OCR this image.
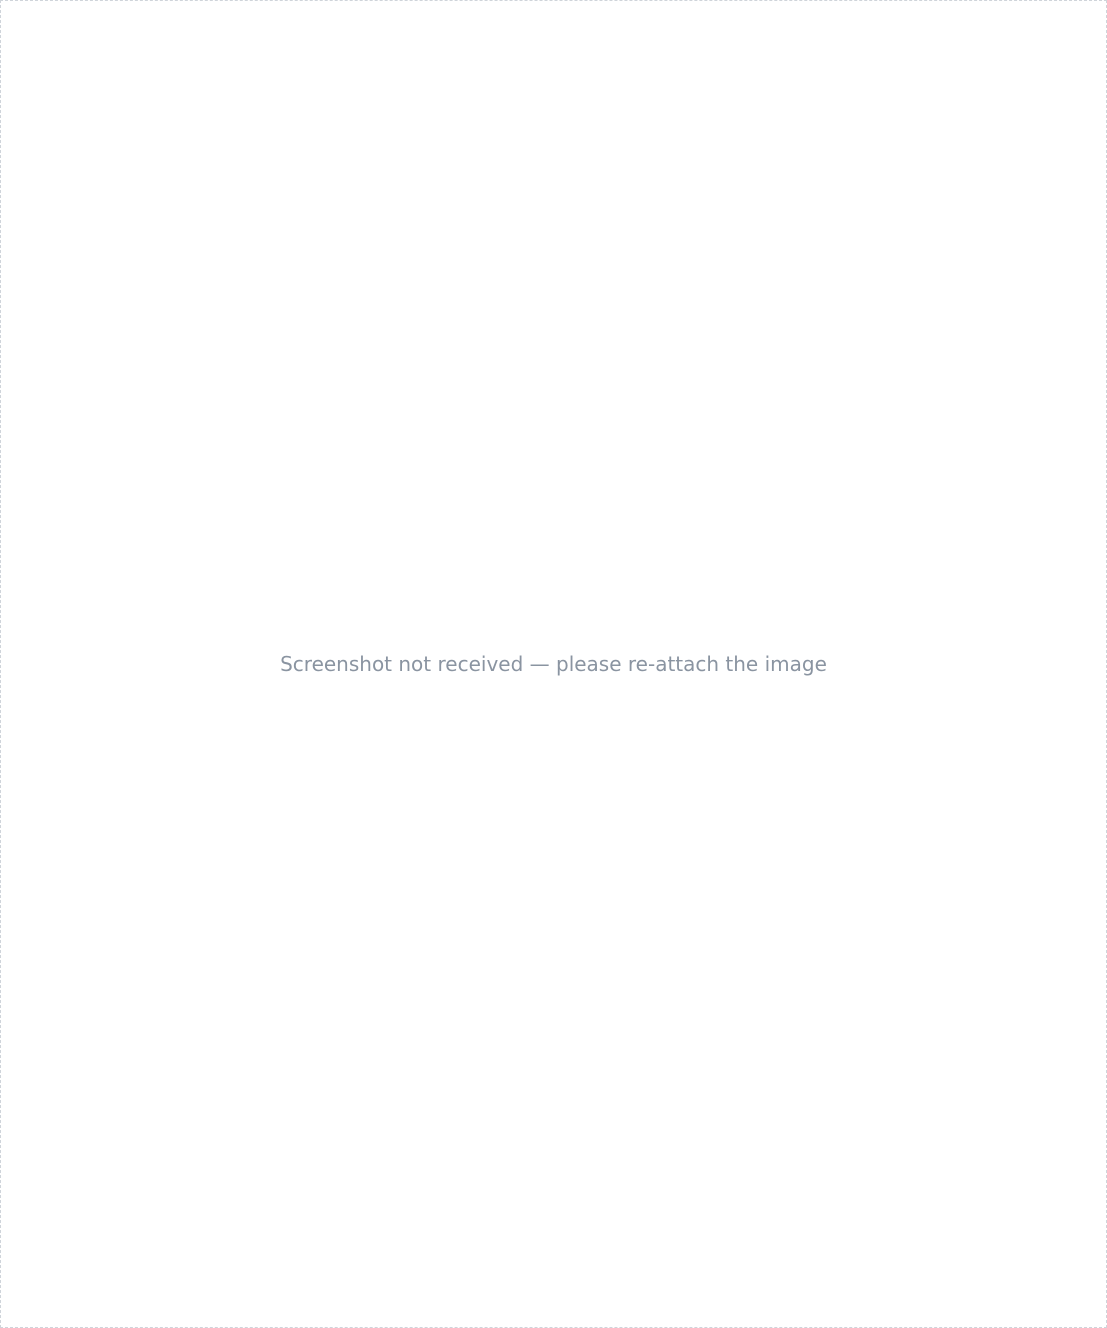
Screenshot not received — please re-attach the image
